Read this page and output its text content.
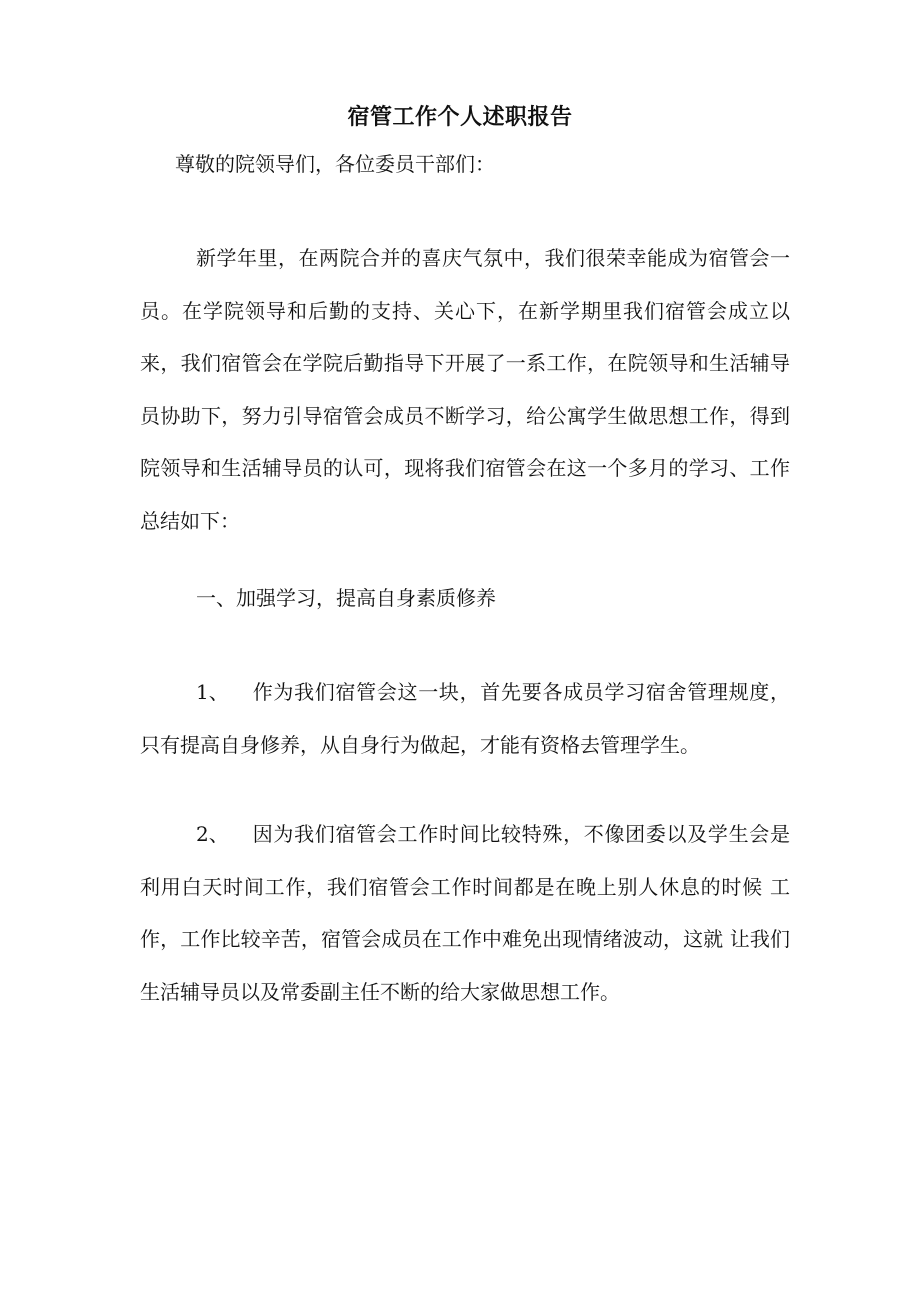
宿管工作个人述职报告
尊敬的院领导们，各位委员干部们：
新学年里，在两院合并的喜庆气氛中，我们很荣幸能成为宿管会一员。在学院领导和后勤的支持、关心下，在新学期里我们宿管会成立以来，我们宿管会在学院后勤指导下开展了一系工作，在院领导和生活辅导员协助下，努力引导宿管会成员不断学习，给公寓学生做思想工作，得到院领导和生活辅导员的认可，现将我们宿管会在这一个多月的学习、工作总结如下：
一、加强学习，提高自身素质修养
1、 作为我们宿管会这一块，首先要各成员学习宿舍管理规度，只有提高自身修养，从自身行为做起，才能有资格去管理学生。
2、 因为我们宿管会工作时间比较特殊，不像团委以及学生会是 利用白天时间工作，我们宿管会工作时间都是在晚上别人休息的时候 工作，工作比较辛苦，宿管会成员在工作中难免出现情绪波动，这就 让我们生活辅导员以及常委副主任不断的给大家做思想工作。
